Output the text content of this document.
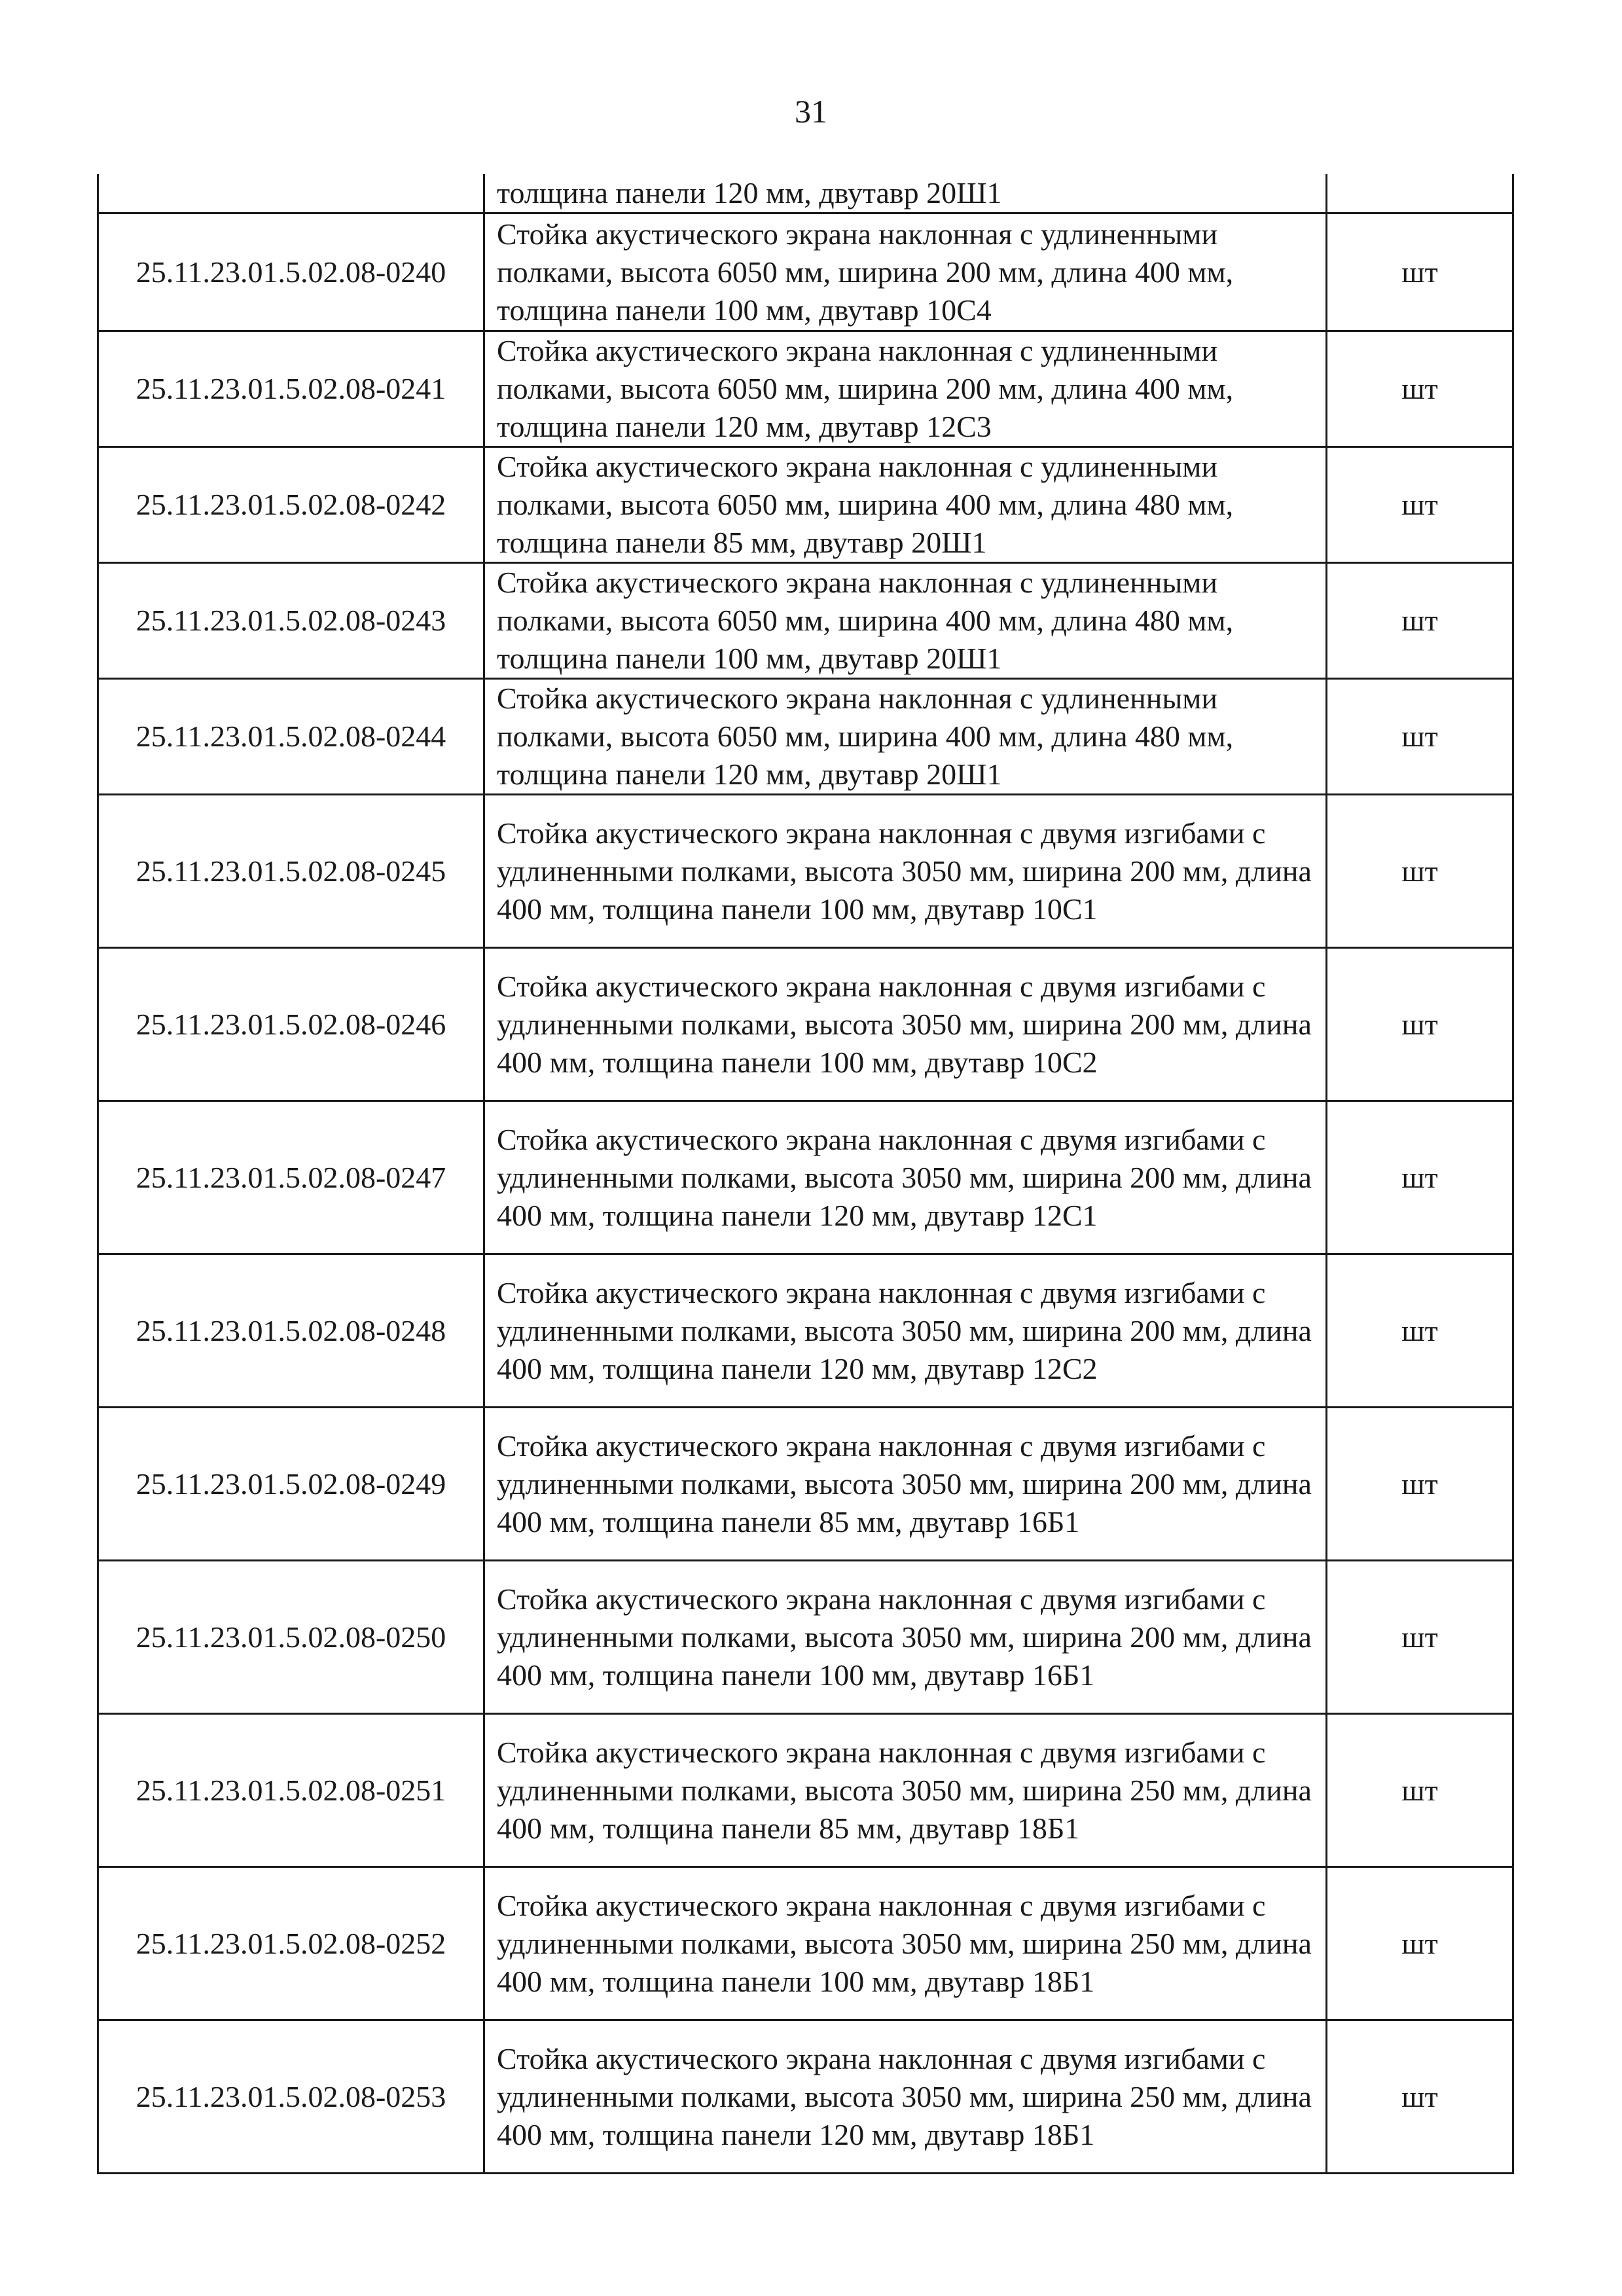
31
	толщина панели 120 мм, двутавр 20Ш1	
25.11.23.01.5.02.08-0240	Стойка акустического экрана наклонная с удлиненными полками, высота 6050 мм, ширина 200 мм, длина 400 мм, толщина панели 100 мм, двутавр 10С4	шт
25.11.23.01.5.02.08-0241	Стойка акустического экрана наклонная с удлиненными полками, высота 6050 мм, ширина 200 мм, длина 400 мм, толщина панели 120 мм, двутавр 12С3	шт
25.11.23.01.5.02.08-0242	Стойка акустического экрана наклонная с удлиненными полками, высота 6050 мм, ширина 400 мм, длина 480 мм, толщина панели 85 мм, двутавр 20Ш1	шт
25.11.23.01.5.02.08-0243	Стойка акустического экрана наклонная с удлиненными полками, высота 6050 мм, ширина 400 мм, длина 480 мм, толщина панели 100 мм, двутавр 20Ш1	шт
25.11.23.01.5.02.08-0244	Стойка акустического экрана наклонная с удлиненными полками, высота 6050 мм, ширина 400 мм, длина 480 мм, толщина панели 120 мм, двутавр 20Ш1	шт
25.11.23.01.5.02.08-0245	Стойка акустического экрана наклонная с двумя изгибами с удлиненными полками, высота 3050 мм, ширина 200 мм, длина 400 мм, толщина панели 100 мм, двутавр 10С1	шт
25.11.23.01.5.02.08-0246	Стойка акустического экрана наклонная с двумя изгибами с удлиненными полками, высота 3050 мм, ширина 200 мм, длина 400 мм, толщина панели 100 мм, двутавр 10С2	шт
25.11.23.01.5.02.08-0247	Стойка акустического экрана наклонная с двумя изгибами с удлиненными полками, высота 3050 мм, ширина 200 мм, длина 400 мм, толщина панели 120 мм, двутавр 12С1	шт
25.11.23.01.5.02.08-0248	Стойка акустического экрана наклонная с двумя изгибами с удлиненными полками, высота 3050 мм, ширина 200 мм, длина 400 мм, толщина панели 120 мм, двутавр 12С2	шт
25.11.23.01.5.02.08-0249	Стойка акустического экрана наклонная с двумя изгибами с удлиненными полками, высота 3050 мм, ширина 200 мм, длина 400 мм, толщина панели 85 мм, двутавр 16Б1	шт
25.11.23.01.5.02.08-0250	Стойка акустического экрана наклонная с двумя изгибами с удлиненными полками, высота 3050 мм, ширина 200 мм, длина 400 мм, толщина панели 100 мм, двутавр 16Б1	шт
25.11.23.01.5.02.08-0251	Стойка акустического экрана наклонная с двумя изгибами с удлиненными полками, высота 3050 мм, ширина 250 мм, длина 400 мм, толщина панели 85 мм, двутавр 18Б1	шт
25.11.23.01.5.02.08-0252	Стойка акустического экрана наклонная с двумя изгибами с удлиненными полками, высота 3050 мм, ширина 250 мм, длина 400 мм, толщина панели 100 мм, двутавр 18Б1	шт
25.11.23.01.5.02.08-0253	Стойка акустического экрана наклонная с двумя изгибами с удлиненными полками, высота 3050 мм, ширина 250 мм, длина 400 мм, толщина панели 120 мм, двутавр 18Б1	шт
